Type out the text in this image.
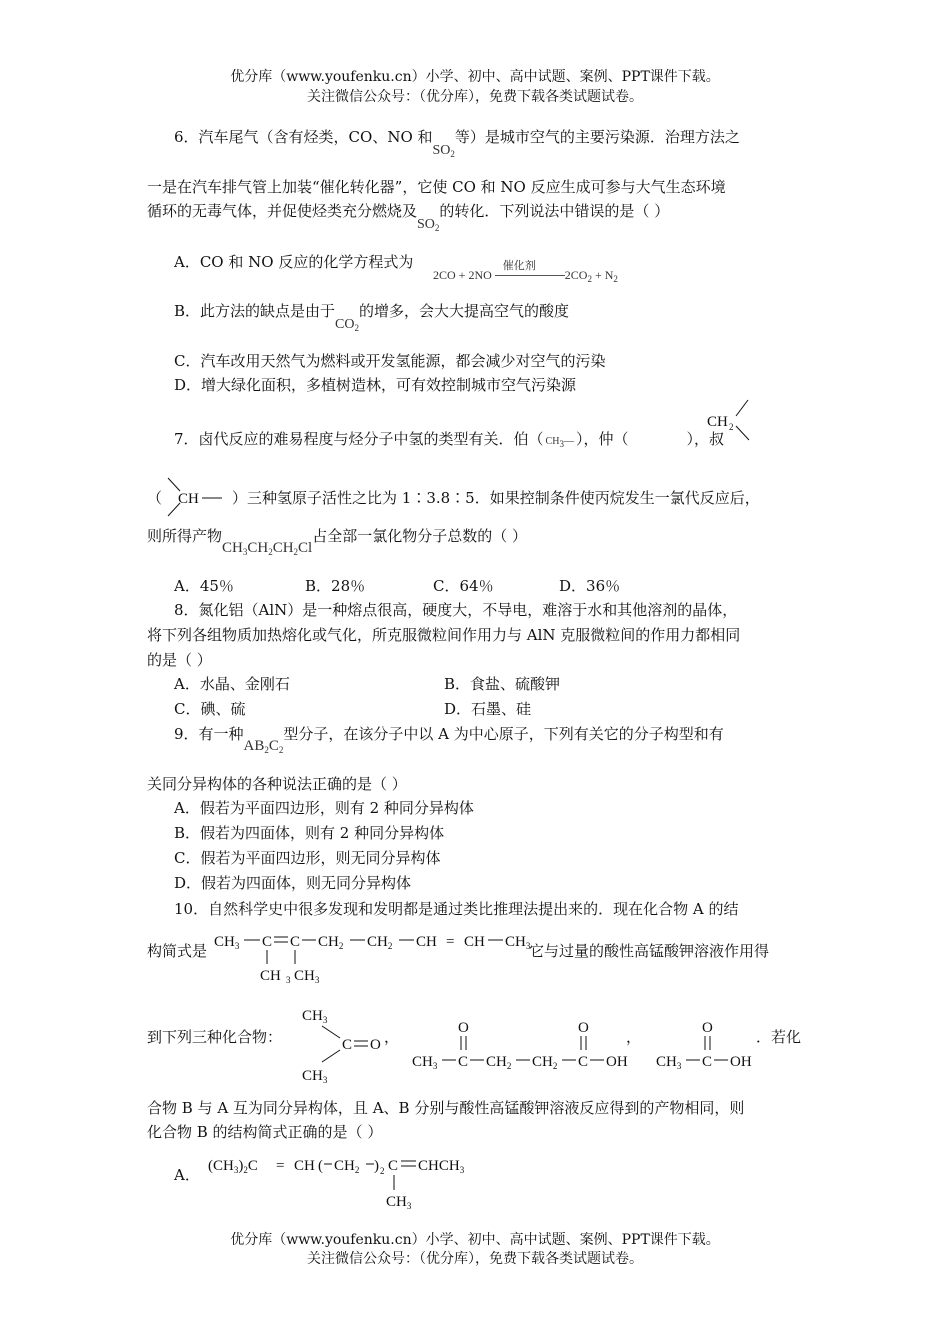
优分库（www.youfenku.cn）小学、初中、高中试题、案例、PPT课件下载。
关注微信公众号：（优分库），免费下载各类试题试卷。
6．汽车尾气（含有烃类，CO、NO 和$SO_2$等）是城市空气的主要污染源．治理方法之
一是在汽车排气管上加装“催化转化器”，它使 CO 和 NO 反应生成可参与大气生态环境
循环的无毒气体，并促使烃类充分燃烧及$SO_2$的转化．下列说法中错误的是（ ）
A．CO 和 NO 反应的化学方程式为
2CO + 2NO
催化剂
$2CO_2 + N_2$
B．此方法的缺点是由于$CO_2$的增多，会大大提高空气的酸度
C．汽车改用天然气为燃料或开发氢能源，都会减少对空气的污染
D．增大绿化面积，多植树造林，可有效控制城市空气污染源
7．卤代反应的难易程度与烃分子中氢的类型有关．伯（ $CH_3—$ ），仲（	），叔
CH 2
（	）三种氢原子活性之比为 1∶3.8∶5．如果控制条件使丙烷发生一氯代反应后，
CH
则所得产物$CH_3CH_2CH_2Cl$占全部一氯化物分子总数的（ ）
A．45％	B．28％	C．64％	D．36％
8．氮化铝（AlN）是一种熔点很高，硬度大，不导电，难溶于水和其他溶剂的晶体，
将下列各组物质加热熔化或气化，所克服微粒间作用力与 AlN 克服微粒间的作用力都相同
的是（ ）
A．水晶、金刚石	B．食盐、硫酸钾
C．碘、硫	D．石墨、硅
9．有一种$AB_2C_2$型分子，在该分子中以 A 为中心原子，下列有关它的分子构型和有
关同分异构体的各种说法正确的是（ ）
A．假若为平面四边形，则有 2 种同分异构体
B．假若为四面体，则有 2 种同分异构体
C．假若为平面四边形，则无同分异构体
D．假若为四面体，则无同分异构体
10．自然科学史中很多发现和发明都是通过类比推理法提出来的．现在化合物 A 的结
构简式是	它与过量的酸性高锰酸钾溶液作用得
$CH_3$ C C $CH_2$ $CH_2$ CH = CH $CH_3$
CH $_3$ $CH_3$
到下列三种化合物：	，	，	．若化
$CH_3$
C O
$CH_3$
O
$CH_3$ C $CH_2$ $CH_2$ C
O
OH $CH_3$ C
O
OH
合物 B 与 A 互为同分异构体，且 A、B 分别与酸性高锰酸钾溶液反应得到的产物相同，则
化合物 B 的结构简式正确的是（ ）
A． $(CH_3)_2C$ = CH ( $CH_2$ ) 2 C $CHCH_3$
$CH_3$
优分库（www.youfenku.cn）小学、初中、高中试题、案例、PPT课件下载。
关注微信公众号：（优分库），免费下载各类试题试卷。
